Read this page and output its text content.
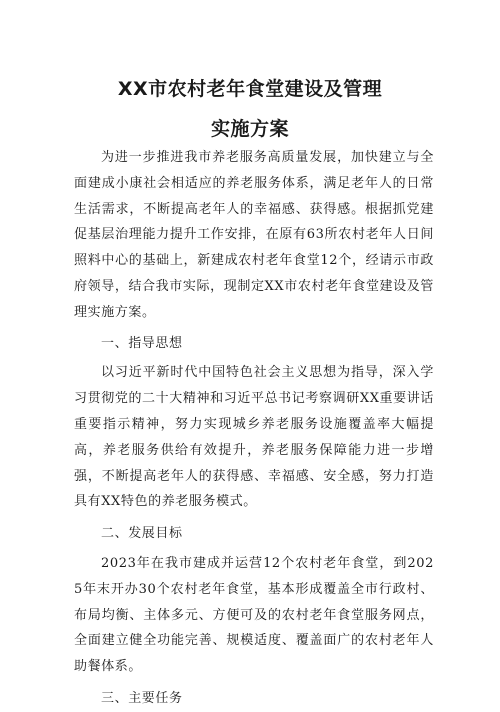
XX市农村老年食堂建设及管理
实施方案

为进一步推进我市养老服务高质量发展，加快建立与全面建成小康社会相适应的养老服务体系，满足老年人的日常生活需求，不断提高老年人的幸福感、获得感。根据抓党建促基层治理能力提升工作安排，在原有63所农村老年人日间照料中心的基础上，新建成农村老年食堂12个，经请示市政府领导，结合我市实际，现制定XX市农村老年食堂建设及管理实施方案。

一、指导思想

以习近平新时代中国特色社会主义思想为指导，深入学习贯彻党的二十大精神和习近平总书记考察调研XX重要讲话重要指示精神，努力实现城乡养老服务设施覆盖率大幅提高，养老服务供给有效提升，养老服务保障能力进一步增强，不断提高老年人的获得感、幸福感、安全感，努力打造具有XX特色的养老服务模式。

二、发展目标

2023年在我市建成并运营12个农村老年食堂，到2025年末开办30个农村老年食堂，基本形成覆盖全市行政村、布局均衡、主体多元、方便可及的农村老年食堂服务网点，全面建立健全功能完善、规模适度、覆盖面广的农村老年人助餐体系。

三、主要任务
